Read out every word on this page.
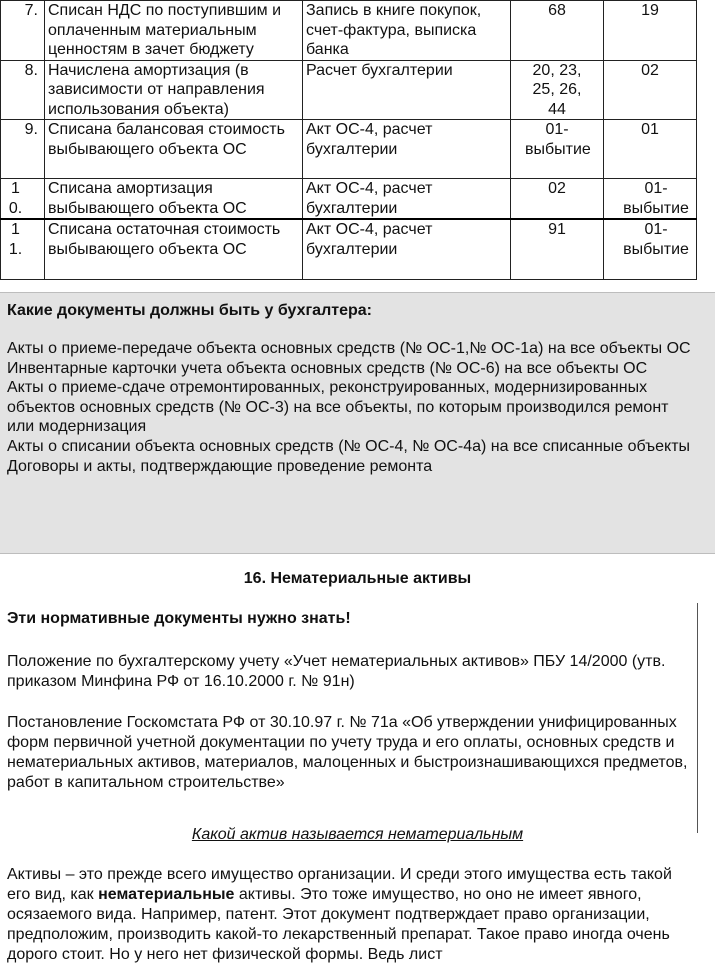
7.	Списан НДС по поступившим и оплаченным материальным ценностям в зачет бюджету	Запись в книге покупок, счет-фактура, выписка банка	68	19
8.	Начислена амортизация (в зависимости от направления использования объекта)	Расчет бухгалтерии	20, 23, 25, 26, 44	02
9.	Списана балансовая стоимость выбывающего объекта ОС	Акт ОС-4, расчет бухгалтерии	01-выбытие	01
10.	Списана амортизация выбывающего объекта ОС	Акт ОС-4, расчет бухгалтерии	02	01-выбытие
11.	Списана остаточная стоимость выбывающего объекта ОС	Акт ОС-4, расчет бухгалтерии	91	01-выбытие
Какие документы должны быть у бухгалтера:
Акты о приеме-передаче объекта основных средств (№ ОС-1,№ ОС-1а) на все объекты ОС
Инвентарные карточки учета объекта основных средств (№ ОС-6) на все объекты ОС
Акты о приеме-сдаче отремонтированных, реконструированных, модернизированных объектов основных средств (№ ОС-3) на все объекты, по которым производился ремонт или модернизация
Акты о списании объекта основных средств (№ ОС-4, № ОС-4а) на все списанные объекты
Договоры и акты, подтверждающие проведение ремонта
16. Нематериальные активы
Эти нормативные документы нужно знать!
Положение по бухгалтерскому учету «Учет нематериальных активов» ПБУ 14/2000 (утв. приказом Минфина РФ от 16.10.2000 г. № 91н)
Постановление Госкомстата РФ от 30.10.97 г. № 71а «Об утверждении унифицированных форм первичной учетной документации по учету труда и его оплаты, основных средств и нематериальных активов, материалов, малоценных и быстроизнашивающихся предметов, работ в капитальном строительстве»
Какой актив называется нематериальным
Активы – это прежде всего имущество организации. И среди этого имущества есть такой его вид, как нематериальные активы. Это тоже имущество, но оно не имеет явного, осязаемого вида. Например, патент. Этот документ подтверждает право организации, предположим, производить какой-то лекарственный препарат. Такое право иногда очень дорого стоит. Но у него нет физической формы. Ведь лист
